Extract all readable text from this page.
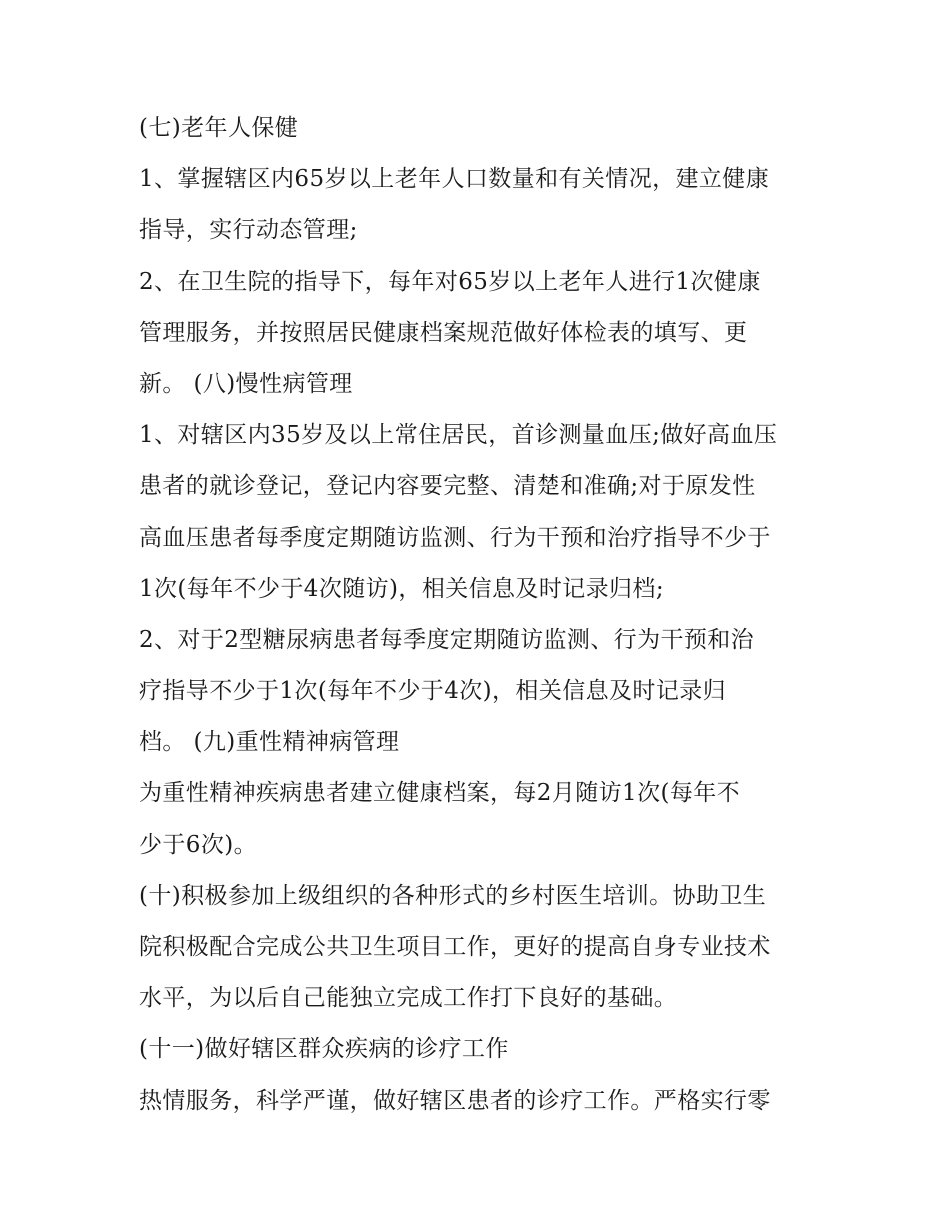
(七)老年人保健
1、掌握辖区内65岁以上老年人口数量和有关情况，建立健康
指导，实行动态管理;
2、在卫生院的指导下，每年对65岁以上老年人进行1次健康
管理服务，并按照居民健康档案规范做好体检表的填写、更
新。 (八)慢性病管理
1、对辖区内35岁及以上常住居民，首诊测量血压;做好高血压
患者的就诊登记，登记内容要完整、清楚和准确;对于原发性
高血压患者每季度定期随访监测、行为干预和治疗指导不少于
1次(每年不少于4次随访)，相关信息及时记录归档;
2、对于2型糖尿病患者每季度定期随访监测、行为干预和治
疗指导不少于1次(每年不少于4次)，相关信息及时记录归
档。 (九)重性精神病管理
为重性精神疾病患者建立健康档案，每2月随访1次(每年不
少于6次)。
(十)积极参加上级组织的各种形式的乡村医生培训。协助卫生
院积极配合完成公共卫生项目工作，更好的提高自身专业技术
水平，为以后自己能独立完成工作打下良好的基础。
(十一)做好辖区群众疾病的诊疗工作
热情服务，科学严谨，做好辖区患者的诊疗工作。严格实行零
